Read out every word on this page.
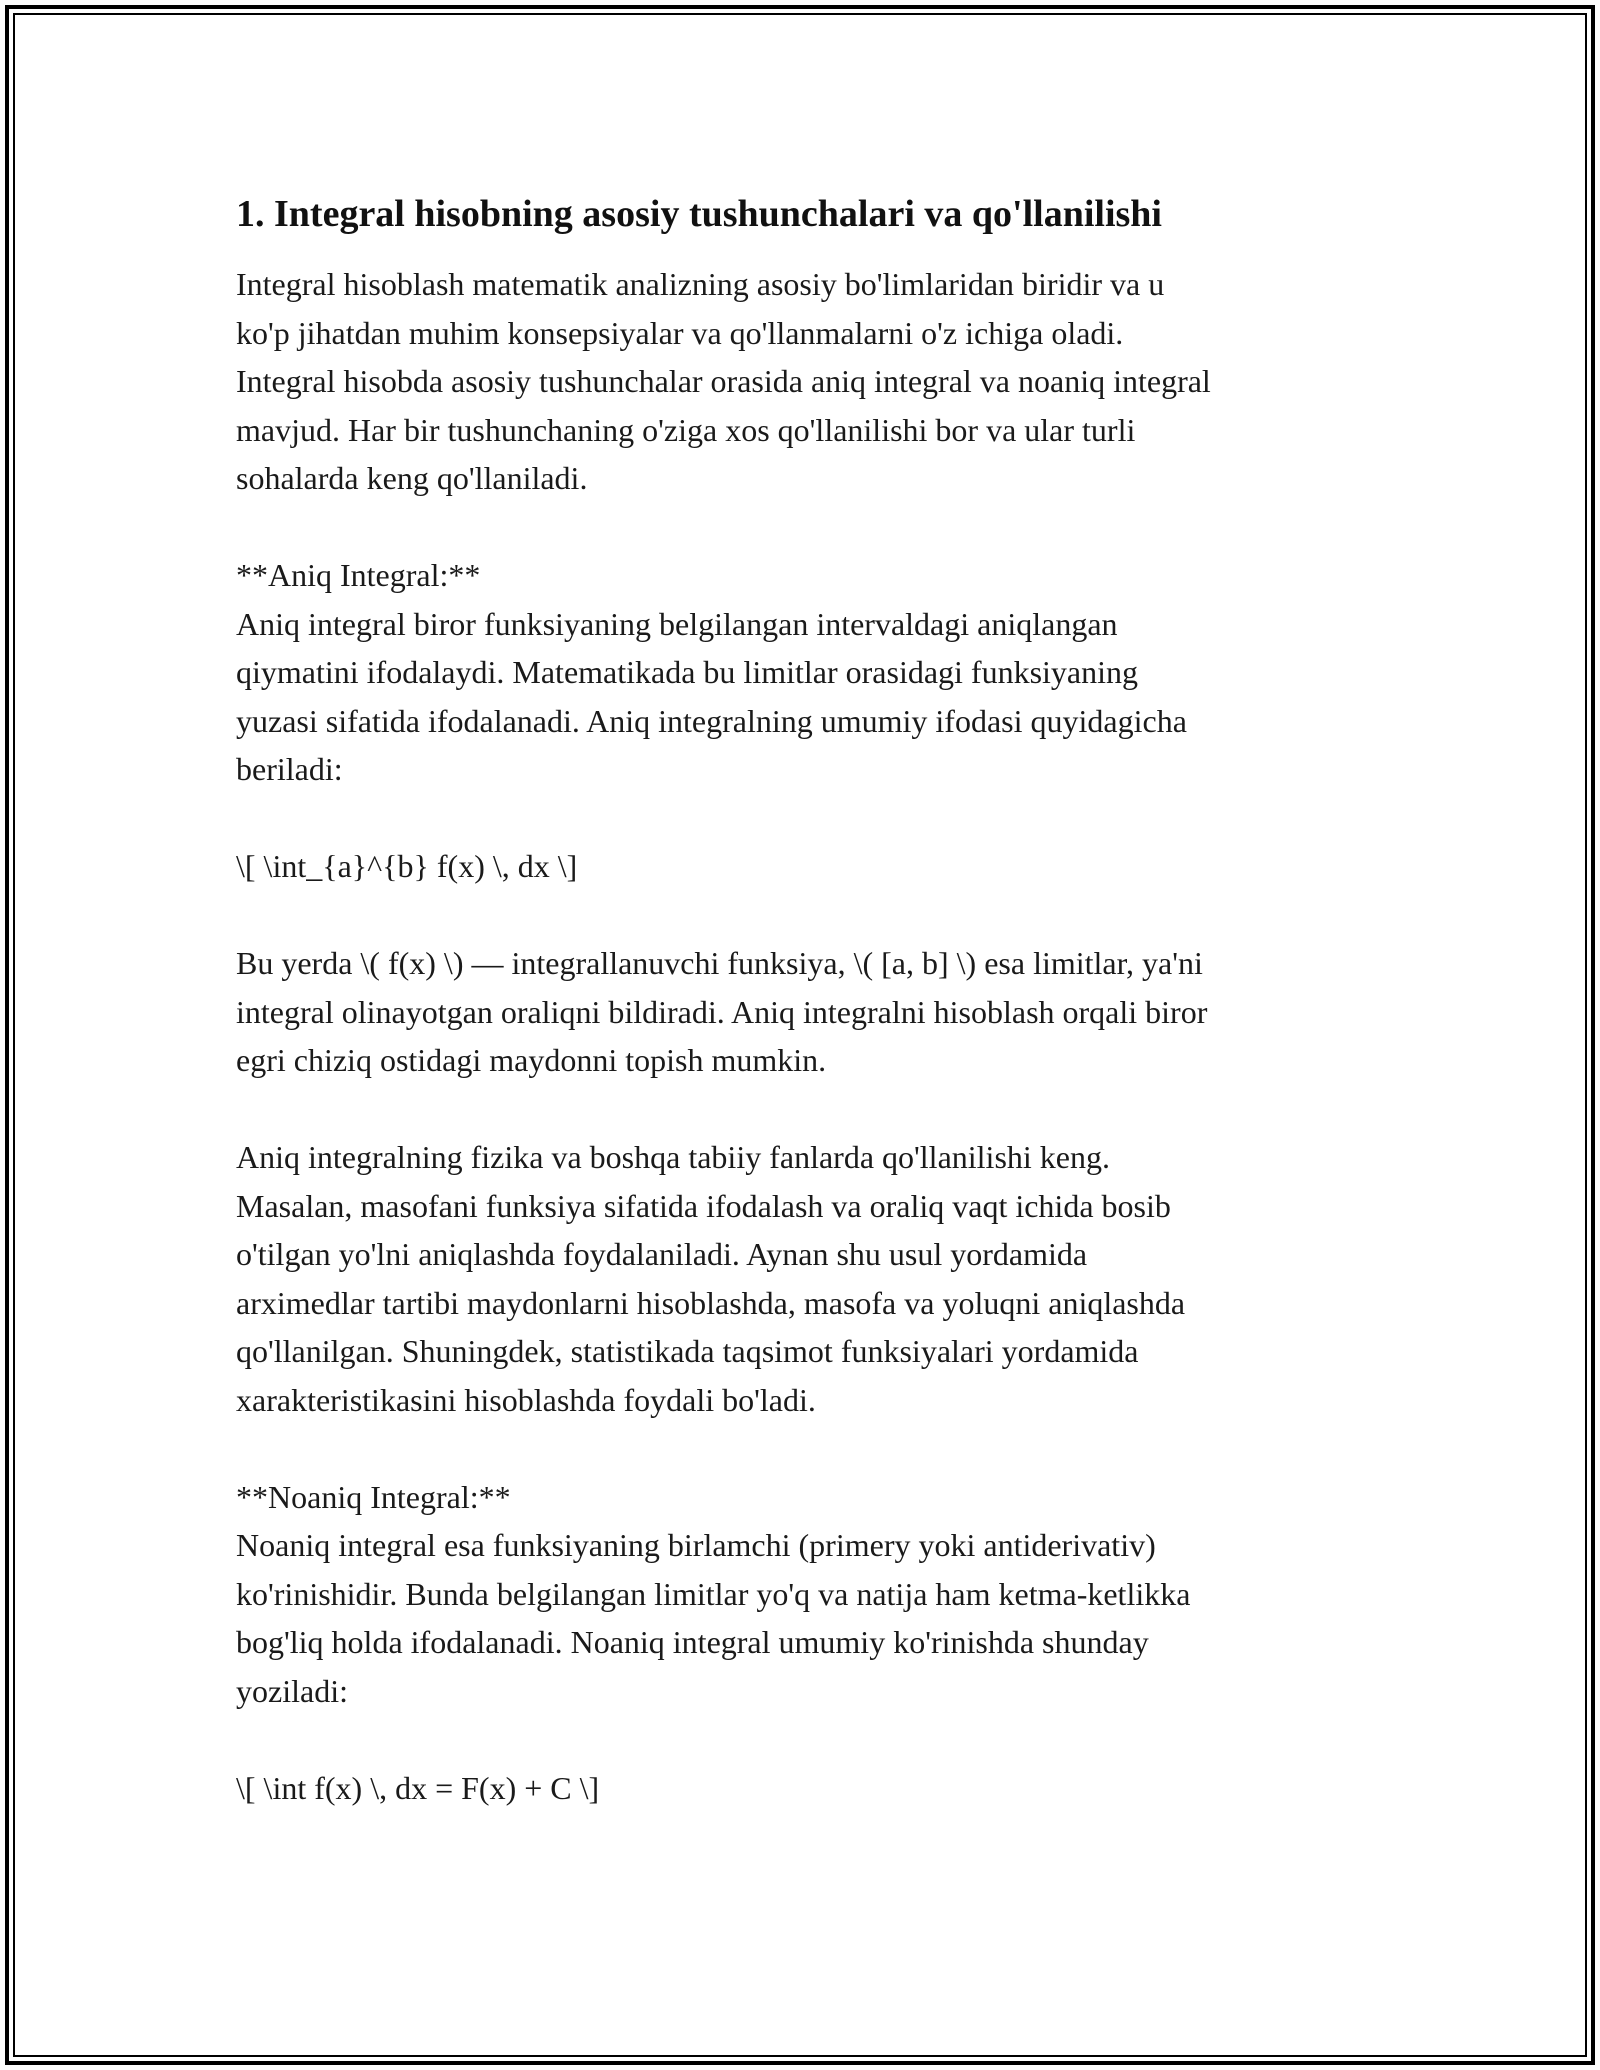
1. Integral hisobning asosiy tushunchalari va qo'llanilishi

Integral hisoblash matematik analizning asosiy bo'limlaridan biridir va u
ko'p jihatdan muhim konsepsiyalar va qo'llanmalarni o'z ichiga oladi.
Integral hisobda asosiy tushunchalar orasida aniq integral va noaniq integral
mavjud. Har bir tushunchaning o'ziga xos qo'llanilishi bor va ular turli
sohalarda keng qo'llaniladi.

**Aniq Integral:**
Aniq integral biror funksiyaning belgilangan intervaldagi aniqlangan
qiymatini ifodalaydi. Matematikada bu limitlar orasidagi funksiyaning
yuzasi sifatida ifodalanadi. Aniq integralning umumiy ifodasi quyidagicha
beriladi:

\[ \int_{a}^{b} f(x) \, dx \]

Bu yerda \( f(x) \) — integrallanuvchi funksiya, \( [a, b] \) esa limitlar, ya'ni
integral olinayotgan oraliqni bildiradi. Aniq integralni hisoblash orqali biror
egri chiziq ostidagi maydonni topish mumkin.

Aniq integralning fizika va boshqa tabiiy fanlarda qo'llanilishi keng.
Masalan, masofani funksiya sifatida ifodalash va oraliq vaqt ichida bosib
o'tilgan yo'lni aniqlashda foydalaniladi. Aynan shu usul yordamida
arximedlar tartibi maydonlarni hisoblashda, masofa va yoluqni aniqlashda
qo'llanilgan. Shuningdek, statistikada taqsimot funksiyalari yordamida
xarakteristikasini hisoblashda foydali bo'ladi.

**Noaniq Integral:**
Noaniq integral esa funksiyaning birlamchi (primery yoki antiderivativ)
ko'rinishidir. Bunda belgilangan limitlar yo'q va natija ham ketma-ketlikka
bog'liq holda ifodalanadi. Noaniq integral umumiy ko'rinishda shunday
yoziladi:

\[ \int f(x) \, dx = F(x) + C \]
